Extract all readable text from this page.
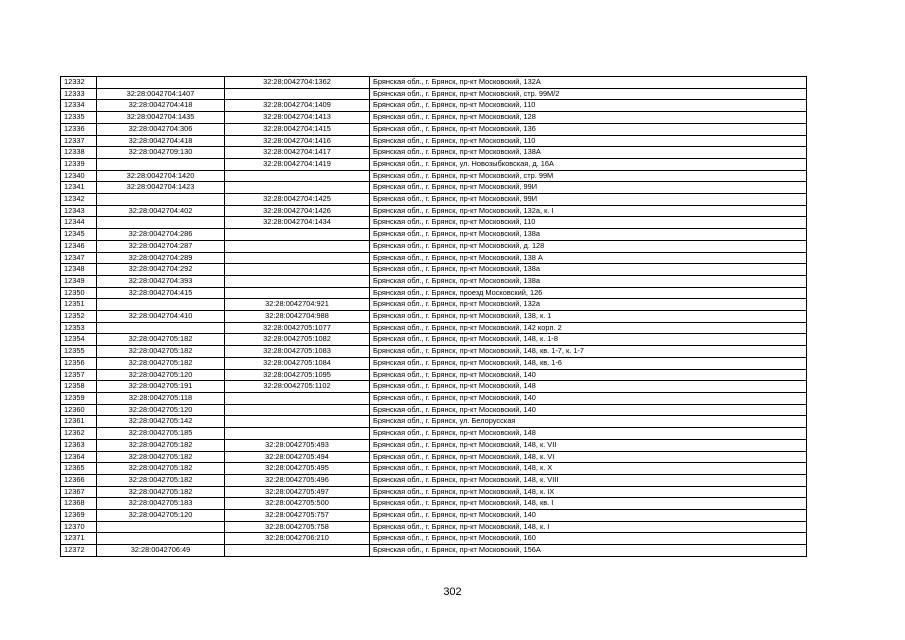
12332		32:28:0042704:1362	Брянская обл., г. Брянск, пр-кт Московский, 132А
12333	32:28:0042704:1407		Брянская обл., г. Брянск, пр-кт Московский, стр. 99М/2
12334	32:28:0042704:418	32:28:0042704:1409	Брянская обл., г. Брянск, пр-кт Московский, 110
12335	32:28:0042704:1435	32:28:0042704:1413	Брянская обл., г. Брянск, пр-кт Московский, 128
12336	32:28:0042704:306	32:28:0042704:1415	Брянская обл., г. Брянск, пр-кт Московский, 136
12337	32:28:0042704:418	32:28:0042704:1416	Брянская обл., г. Брянск, пр-кт Московский, 110
12338	32:28:0042709:130	32:28:0042704:1417	Брянская обл., г. Брянск, пр-кт Московский, 138А
12339		32:28:0042704:1419	Брянская обл., г. Брянск, ул. Новозыбковская, д. 16А
12340	32:28:0042704:1420		Брянская обл., г. Брянск, пр-кт Московский, стр. 99М
12341	32:28:0042704:1423		Брянская обл., г. Брянск, пр-кт Московский, 99И
12342		32:28:0042704:1425	Брянская обл., г. Брянск, пр-кт Московский, 99И
12343	32:28:0042704:402	32:28:0042704:1426	Брянская обл., г. Брянск, пр-кт Московский, 132а, к. I
12344		32:28:0042704:1434	Брянская обл., г. Брянск, пр-кт Московский, 110
12345	32:28:0042704:286		Брянская обл., г. Брянск, пр-кт Московский, 138а
12346	32:28:0042704:287		Брянская обл., г. Брянск, пр-кт Московский, д. 128
12347	32:28:0042704:289		Брянская обл., г. Брянск, пр-кт Московский, 138 А
12348	32:28:0042704:292		Брянская обл., г. Брянск, пр-кт Московский, 138а
12349	32:28:0042704:393		Брянская обл., г. Брянск, пр-кт Московский, 138а
12350	32:28:0042704:415		Брянская обл., г. Брянск, проезд Московский, 126
12351		32:28:0042704:921	Брянская обл., г. Брянск, пр-кт Московский, 132а
12352	32:28:0042704:410	32:28:0042704:988	Брянская обл., г. Брянск, пр-кт Московский, 138, к. 1
12353		32:28:0042705:1077	Брянская обл., г. Брянск, пр-кт Московский, 142 корп. 2
12354	32:28:0042705:182	32:28:0042705:1082	Брянская обл., г. Брянск, пр-кт Московский, 148, к. 1-8
12355	32:28:0042705:182	32:28:0042705:1083	Брянская обл., г. Брянск, пр-кт Московский, 148, кв. 1-7, к. 1-7
12356	32:28:0042705:182	32:28:0042705:1084	Брянская обл., г. Брянск, пр-кт Московский, 148, кв. 1-6
12357	32:28:0042705:120	32:28:0042705:1095	Брянская обл., г. Брянск, пр-кт Московский, 140
12358	32:28:0042705:191	32:28:0042705:1102	Брянская обл., г. Брянск, пр-кт Московский, 148
12359	32:28:0042705:118		Брянская обл., г. Брянск, пр-кт Московский, 140
12360	32:28:0042705:120		Брянская обл., г. Брянск, пр-кт Московский, 140
12361	32:28:0042705:142		Брянская обл., г. Брянск, ул. Белорусская
12362	32:28:0042705:185		Брянская обл., г. Брянск, пр-кт Московский, 148
12363	32:28:0042705:182	32:28:0042705:493	Брянская обл., г. Брянск, пр-кт Московский, 148, к. VII
12364	32:28:0042705:182	32:28:0042705:494	Брянская обл., г. Брянск, пр-кт Московский, 148, к. VI
12365	32:28:0042705:182	32:28:0042705:495	Брянская обл., г. Брянск, пр-кт Московский, 148, к. X
12366	32:28:0042705:182	32:28:0042705:496	Брянская обл., г. Брянск, пр-кт Московский, 148, к. VIII
12367	32:28:0042705:182	32:28:0042705:497	Брянская обл., г. Брянск, пр-кт Московский, 148, к. IX
12368	32:28:0042705:183	32:28:0042705:500	Брянская обл., г. Брянск, пр-кт Московский, 148, кв. I
12369	32:28:0042705:120	32:28:0042705:757	Брянская обл., г. Брянск, пр-кт Московский, 140
12370		32:28:0042705:758	Брянская обл., г. Брянск, пр-кт Московский, 148, к. I
12371		32:28:0042706:210	Брянская обл., г. Брянск, пр-кт Московский, 160
12372	32:28:0042706:49		Брянская обл., г. Брянск, пр-кт Московский, 156А
302
